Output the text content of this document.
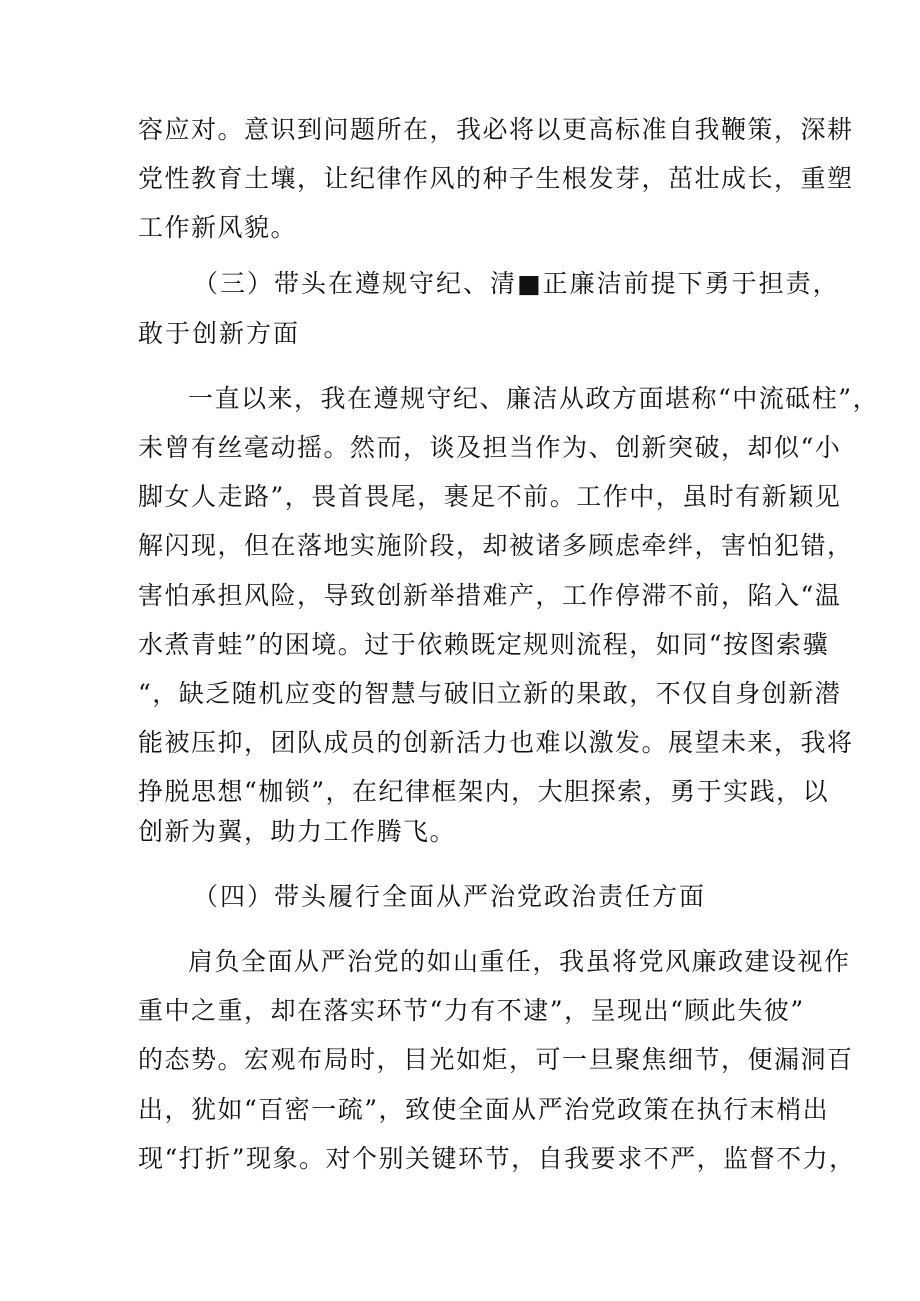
容应对。意识到问题所在，我必将以更高标准自我鞭策，深耕
党性教育土壤，让纪律作风的种子生根发芽，茁壮成长，重塑
工作新风貌。
（三）带头在遵规守纪、清■正廉洁前提下勇于担责，
敢于创新方面
一直以来，我在遵规守纪、廉洁从政方面堪称“中流砥柱”，
未曾有丝毫动摇。然而，谈及担当作为、创新突破，却似“小
脚女人走路”，畏首畏尾，裹足不前。工作中，虽时有新颖见
解闪现，但在落地实施阶段，却被诸多顾虑牵绊，害怕犯错，
害怕承担风险，导致创新举措难产，工作停滞不前，陷入“温
水煮青蛙”的困境。过于依赖既定规则流程，如同“按图索骥
“，缺乏随机应变的智慧与破旧立新的果敢，不仅自身创新潜
能被压抑，团队成员的创新活力也难以激发。展望未来，我将
挣脱思想“枷锁”，在纪律框架内，大胆探索，勇于实践，以
创新为翼，助力工作腾飞。
（四）带头履行全面从严治党政治责任方面
肩负全面从严治党的如山重任，我虽将党风廉政建设视作
重中之重，却在落实环节“力有不逮”，呈现出“顾此失彼”
的态势。宏观布局时，目光如炬，可一旦聚焦细节，便漏洞百
出，犹如“百密一疏”，致使全面从严治党政策在执行末梢出
现“打折”现象。对个别关键环节，自我要求不严，监督不力，
